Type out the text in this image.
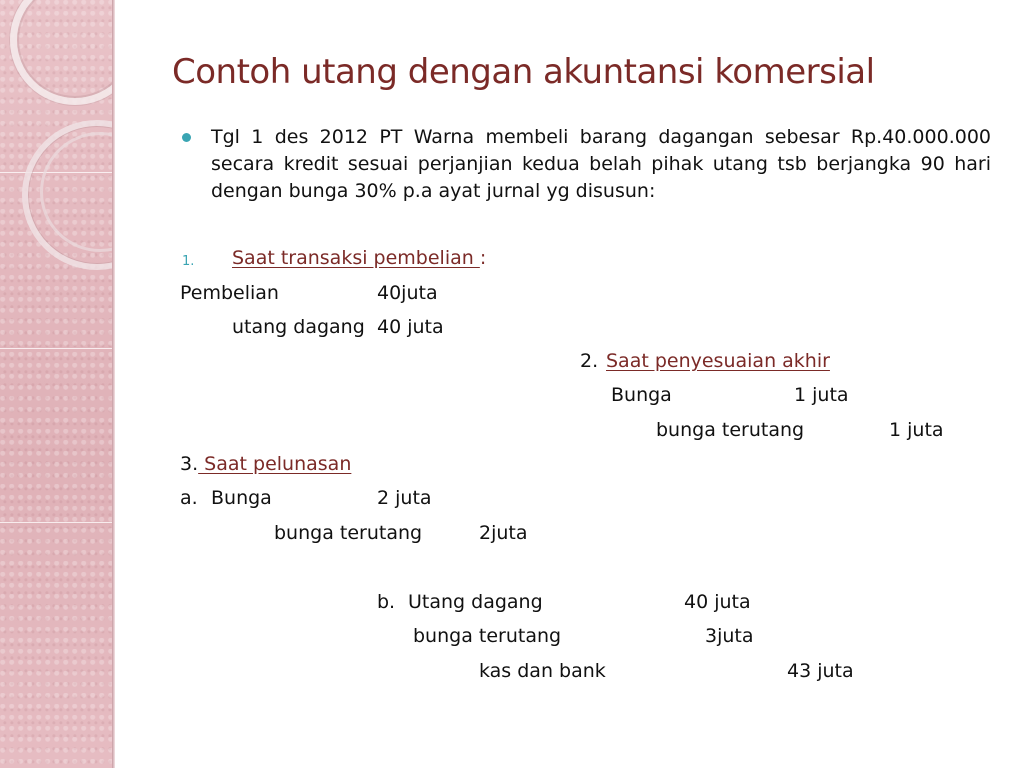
Contoh utang dengan akuntansi komersial
Tgl 1 des 2012 PT Warna membeli barang dagangan sebesar Rp.40.000.000 secara kredit sesuai perjanjian kedua belah pihak utang tsb berjangka 90 hari dengan bunga 30% p.a ayat jurnal yg disusun:
1. Saat transaksi pembelian :
Pembelian	40juta
utang dagang 40 juta
2. Saat penyesuaian akhir
Bunga	1 juta
bunga terutang	1 juta
3. Saat pelunasan
a. Bunga	2 juta
bunga terutang	2juta
b. Utang dagang	40 juta
bunga terutang	3juta
kas dan bank	43 juta
